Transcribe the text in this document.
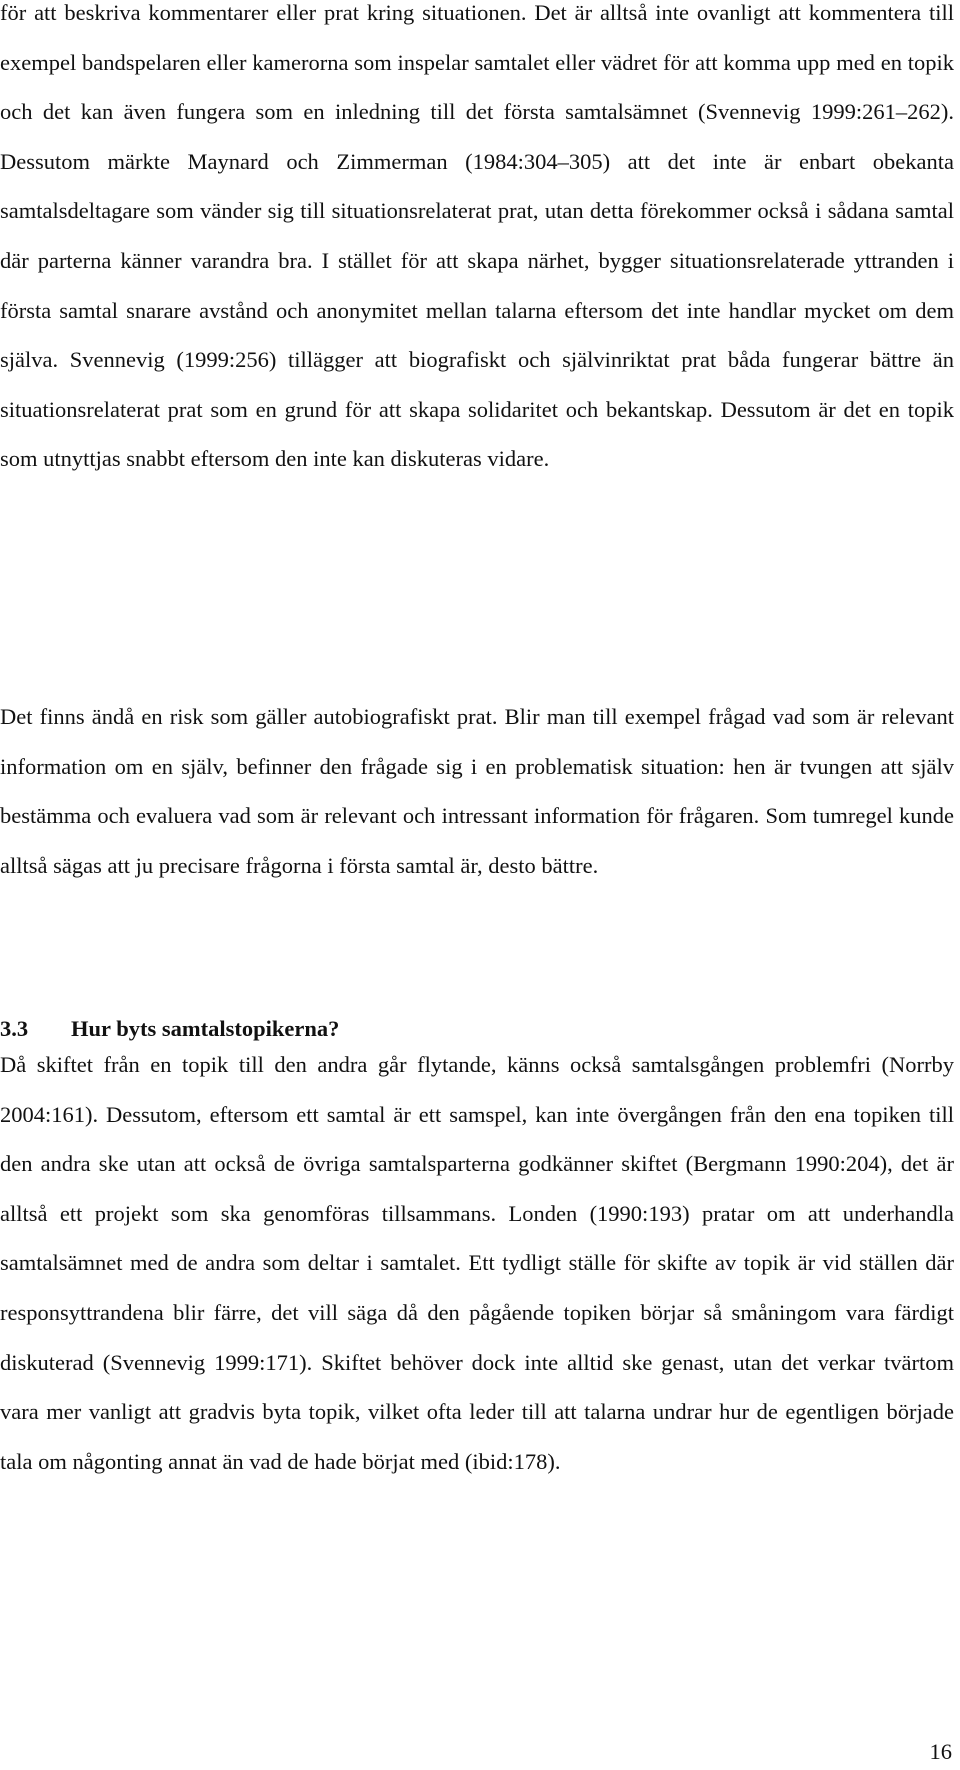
för att beskriva kommentarer eller prat kring situationen. Det är alltså inte ovanligt att kommentera till exempel bandspelaren eller kamerorna som inspelar samtalet eller vädret för att komma upp med en topik och det kan även fungera som en inledning till det första samtalsämnet (Svennevig 1999:261–262). Dessutom märkte Maynard och Zimmerman (1984:304–305) att det inte är enbart obekanta samtalsdeltagare som vänder sig till situationsrelaterat prat, utan detta förekommer också i sådana samtal där parterna känner varandra bra. I stället för att skapa närhet, bygger situationsrelaterade yttranden i första samtal snarare avstånd och anonymitet mellan talarna eftersom det inte handlar mycket om dem själva. Svennevig (1999:256) tillägger att biografiskt och självinriktat prat båda fungerar bättre än situationsrelaterat prat som en grund för att skapa solidaritet och bekantskap. Dessutom är det en topik som utnyttjas snabbt eftersom den inte kan diskuteras vidare.

Det finns ändå en risk som gäller autobiografiskt prat. Blir man till exempel frågad vad som är relevant information om en själv, befinner den frågade sig i en problematisk situation: hen är tvungen att själv bestämma och evaluera vad som är relevant och intressant information för frågaren. Som tumregel kunde alltså sägas att ju precisare frågorna i första samtal är, desto bättre.

3.3 Hur byts samtalstopikerna?

Då skiftet från en topik till den andra går flytande, känns också samtalsgången problemfri (Norrby 2004:161). Dessutom, eftersom ett samtal är ett samspel, kan inte övergången från den ena topiken till den andra ske utan att också de övriga samtalsparterna godkänner skiftet (Bergmann 1990:204), det är alltså ett projekt som ska genomföras tillsammans. Londen (1990:193) pratar om att underhandla samtalsämnet med de andra som deltar i samtalet. Ett tydligt ställe för skifte av topik är vid ställen där responsyttrandena blir färre, det vill säga då den pågående topiken börjar så småningom vara färdigt diskuterad (Svennevig 1999:171). Skiftet behöver dock inte alltid ske genast, utan det verkar tvärtom vara mer vanligt att gradvis byta topik, vilket ofta leder till att talarna undrar hur de egentligen började tala om någonting annat än vad de hade börjat med (ibid:178).

16
